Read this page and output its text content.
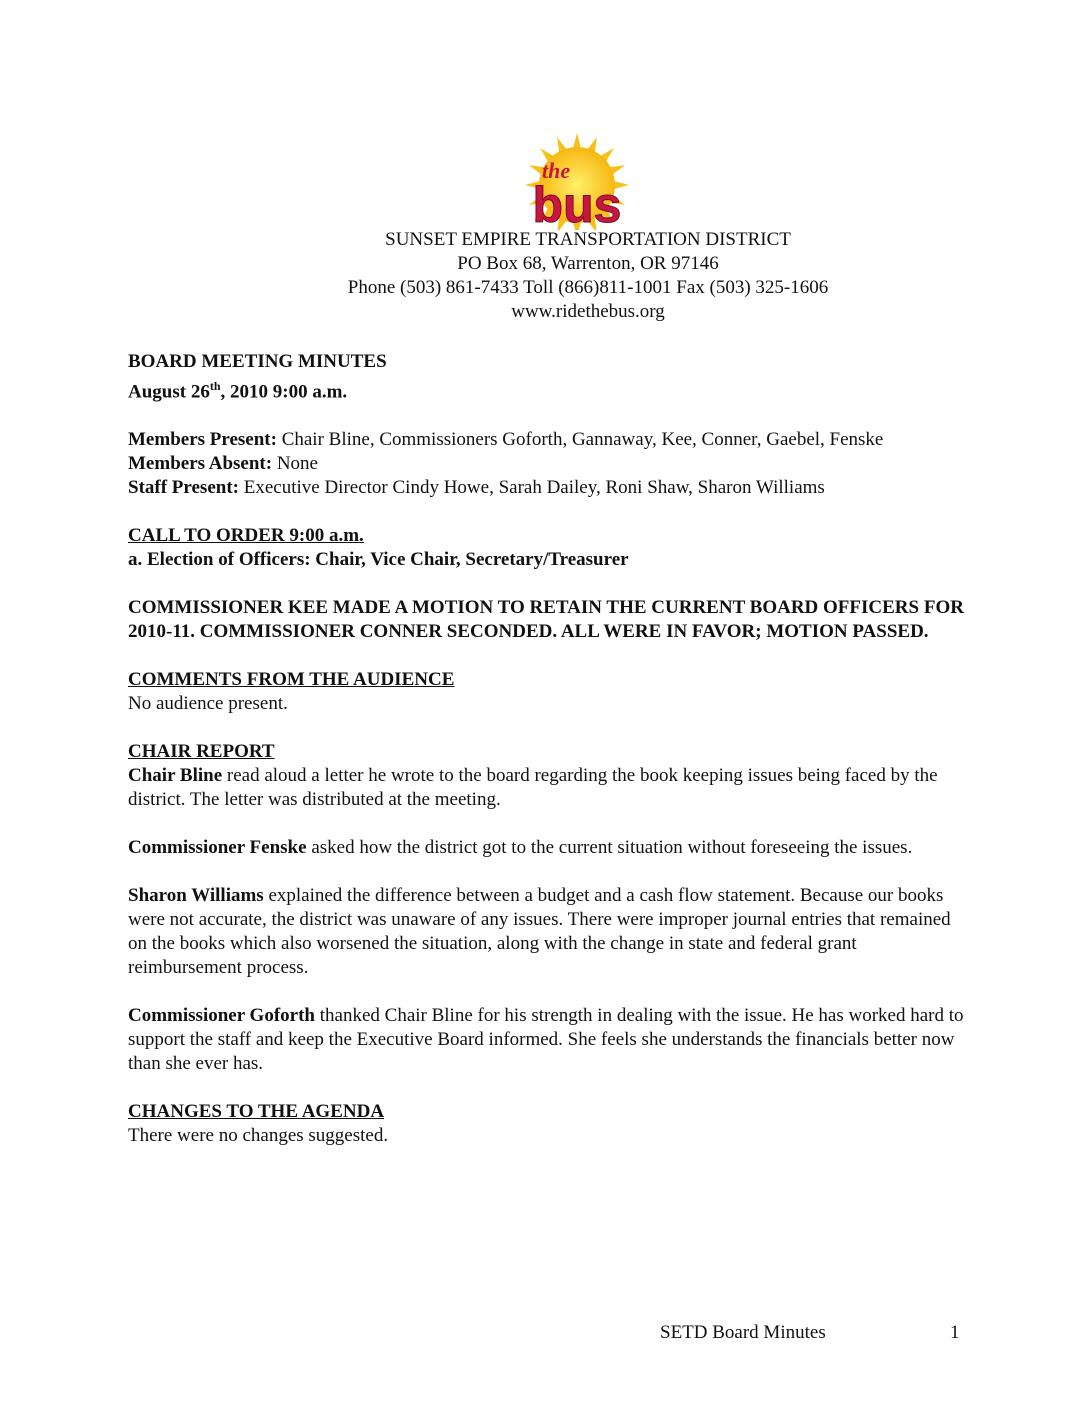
the
bus
SUNSET EMPIRE TRANSPORTATION DISTRICT
PO Box 68, Warrenton, OR 97146
Phone (503) 861-7433 Toll (866)811-1001 Fax (503) 325-1606
www.ridethebus.org

BOARD MEETING MINUTES

August 26th, 2010 9:00 a.m.

Members Present: Chair Bline, Commissioners Goforth, Gannaway, Kee, Conner, Gaebel, Fenske

Members Absent: None

Staff Present: Executive Director Cindy Howe, Sarah Dailey, Roni Shaw, Sharon Williams

CALL TO ORDER 9:00 a.m.

a. Election of Officers: Chair, Vice Chair, Secretary/Treasurer

COMMISSIONER KEE MADE A MOTION TO RETAIN THE CURRENT BOARD OFFICERS FOR 2010-11. COMMISSIONER CONNER SECONDED. ALL WERE IN FAVOR; MOTION PASSED.

COMMENTS FROM THE AUDIENCE

No audience present.

CHAIR REPORT

Chair Bline read aloud a letter he wrote to the board regarding the book keeping issues being faced by the district. The letter was distributed at the meeting.

Commissioner Fenske asked how the district got to the current situation without foreseeing the issues.

Sharon Williams explained the difference between a budget and a cash flow statement. Because our books were not accurate, the district was unaware of any issues. There were improper journal entries that remained on the books which also worsened the situation, along with the change in state and federal grant reimbursement process.

Commissioner Goforth thanked Chair Bline for his strength in dealing with the issue. He has worked hard to support the staff and keep the Executive Board informed. She feels she understands the financials better now than she ever has.

CHANGES TO THE AGENDA

There were no changes suggested.

SETD Board Minutes	1
